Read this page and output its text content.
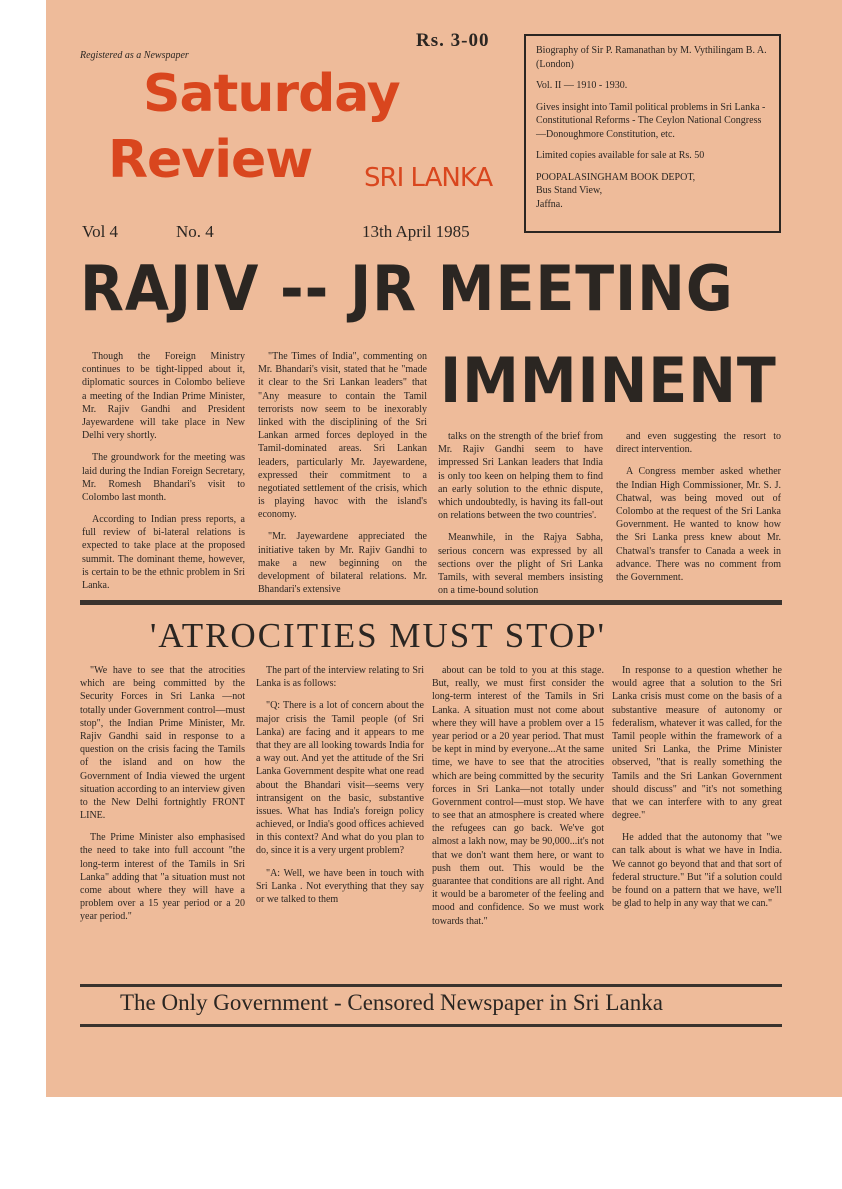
Registered as a Newspaper
Rs. 3-00
Saturday
Review SRI LANKA

Biography of Sir P. Ramanathan by M. Vythilingam B. A. (London)

Vol. II — 1910 - 1930.

Gives insight into Tamil political problems in Sri Lanka - Constitutional Reforms - The Ceylon National Congress—Donoughmore Constitution, etc.

Limited copies available for sale at Rs. 50

POOPALASINGHAM BOOK DEPOT,

Bus Stand View,

Jaffna.

Vol 4	No. 4	13th April 1985
RAJIV -- JR MEETING
IMMINENT

Though the Foreign Ministry continues to be tight-lipped about it, diplomatic sources in Colombo believe a meeting of the Indian Prime Minister, Mr. Rajiv Gandhi and President Jayewardene will take place in New Delhi very shortly.

The groundwork for the meeting was laid during the Indian Foreign Secretary, Mr. Romesh Bhandari's visit to Colombo last month.

According to Indian press reports, a full review of bi-lateral relations is expected to take place at the proposed summit. The dominant theme, however, is certain to be the ethnic problem in Sri Lanka.

"The Times of India", commenting on Mr. Bhandari's visit, stated that he "made it clear to the Sri Lankan leaders" that "Any measure to contain the Tamil terrorists now seem to be inexorably linked with the disciplining of the Sri Lankan armed forces deployed in the Tamil-dominated areas. Sri Lankan leaders, particularly Mr. Jayewardene, expressed their commitment to a negotiated settlement of the crisis, which is playing havoc with the island's economy.

"Mr. Jayewardene appreciated the initiative taken by Mr. Rajiv Gandhi to make a new beginning on the development of bilateral relations. Mr. Bhandari's extensive

talks on the strength of the brief from Mr. Rajiv Gandhi seem to have impressed Sri Lankan leaders that India is only too keen on helping them to find an early solution to the ethnic dispute, which undoubtedly, is having its fall-out on relations between the two countries'.

Meanwhile, in the Rajya Sabha, serious concern was expressed by all sections over the plight of Sri Lanka Tamils, with several members insisting on a time-bound solution

and even suggesting the resort to direct intervention.

A Congress member asked whether the Indian High Commissioner, Mr. S. J. Chatwal, was being moved out of Colombo at the request of the Sri Lanka Government. He wanted to know how the Sri Lanka press knew about Mr. Chatwal's transfer to Canada a week in advance. There was no comment from the Government.

'ATROCITIES MUST STOP'

"We have to see that the atrocities which are being committed by the Security Forces in Sri Lanka —not totally under Government control—must stop", the Indian Prime Minister, Mr. Rajiv Gandhi said in response to a question on the crisis facing the Tamils of the island and on how the Government of India viewed the urgent situation according to an interview given to the New Delhi fortnightly FRONT LINE.

The Prime Minister also emphasised the need to take into full account "the long-term interest of the Tamils in Sri Lanka" adding that "a situation must not come about where they will have a problem over a 15 year period or a 20 year period."

The part of the interview relating to Sri Lanka is as follows:

"Q: There is a lot of concern about the major crisis the Tamil people (of Sri Lanka) are facing and it appears to me that they are all looking towards India for a way out. And yet the attitude of the Sri Lanka Government despite what one read about the Bhandari visit—seems very intransigent on the basic, substantive issues. What has India's foreign policy achieved, or India's good offices achieved in this context? And what do you plan to do, since it is a very urgent problem?

"A: Well, we have been in touch with Sri Lanka . Not everything that they say or we talked to them

about can be told to you at this stage. But, really, we must first consider the long-term interest of the Tamils in Sri Lanka. A situation must not come about where they will have a problem over a 15 year period or a 20 year period. That must be kept in mind by everyone...At the same time, we have to see that the atrocities which are being committed by the security forces in Sri Lanka—not totally under Government control—must stop. We have to see that an atmosphere is created where the refugees can go back. We've got almost a lakh now, may be 90,000...it's not that we don't want them here, or want to push them out. This would be the guarantee that conditions are all right. And it would be a barometer of the feeling and mood and confidence. So we must work towards that."

In response to a question whether he would agree that a solution to the Sri Lanka crisis must come on the basis of a substantive measure of autonomy or federalism, whatever it was called, for the Tamil people within the framework of a united Sri Lanka, the Prime Minister observed, "that is really something the Tamils and the Sri Lankan Government should discuss" and "it's not something that we can interfere with to any great degree."

He added that the autonomy that "we can talk about is what we have in India. We cannot go beyond that and that sort of federal structure." But "if a solution could be found on a pattern that we have, we'll be glad to help in any way that we can."

The Only Government - Censored Newspaper in Sri Lanka
